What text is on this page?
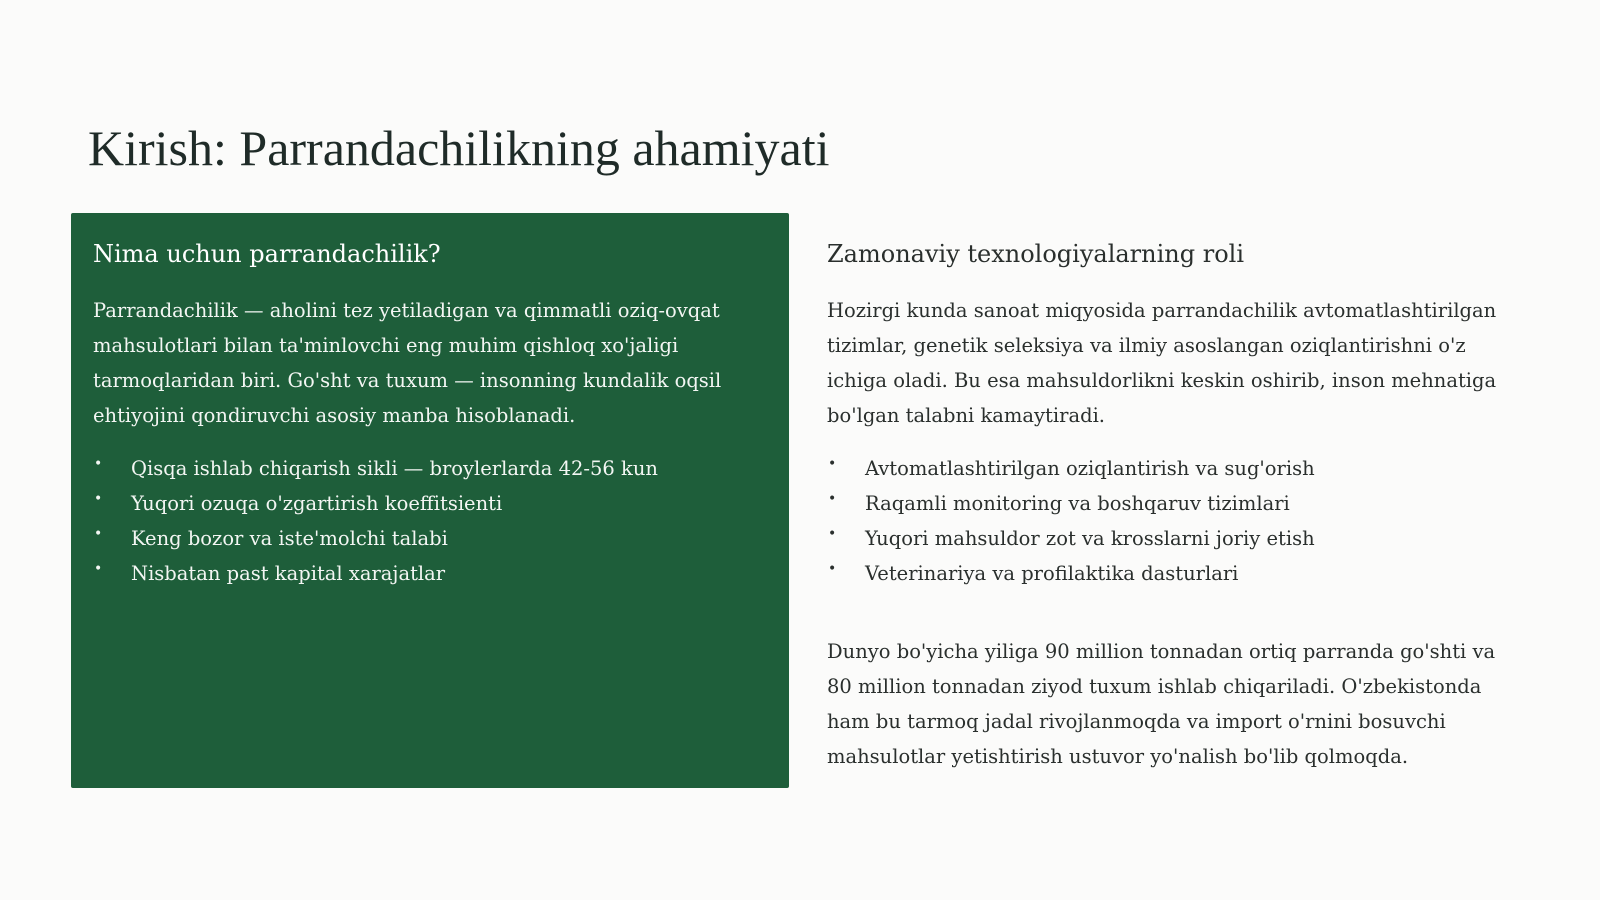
Kirish: Parrandachilikning ahamiyati
Nima uchun parrandachilik?

Parrandachilik — aholini tez yetiladigan va qimmatli oziq-ovqat mahsulotlari bilan ta'minlovchi eng muhim qishloq xo'jaligi tarmoqlaridan biri. Go'sht va tuxum — insonning kundalik oqsil ehtiyojini qondiruvchi asosiy manba hisoblanadi.

• Qisqa ishlab chiqarish sikli — broylerlarda 42-56 kun
• Yuqori ozuqa o'zgartirish koeffitsienti
• Keng bozor va iste'molchi talabi
• Nisbatan past kapital xarajatlar
Zamonaviy texnologiyalarning roli

Hozirgi kunda sanoat miqyosida parrandachilik avtomatlashtirilgan tizimlar, genetik seleksiya va ilmiy asoslangan oziqlantirishni o'z ichiga oladi. Bu esa mahsuldorlikni keskin oshirib, inson mehnatiga bo'lgan talabni kamaytiradi.

• Avtomatlashtirilgan oziqlantirish va sug'orish
• Raqamli monitoring va boshqaruv tizimlari
• Yuqori mahsuldor zot va krosslarni joriy etish
• Veterinariya va profilaktika dasturlari

Dunyo bo'yicha yiliga 90 million tonnadan ortiq parranda go'shti va 80 million tonnadan ziyod tuxum ishlab chiqariladi. O'zbekistonda ham bu tarmoq jadal rivojlanmoqda va import o'rnini bosuvchi mahsulotlar yetishtirish ustuvor yo'nalish bo'lib qolmoqda.
